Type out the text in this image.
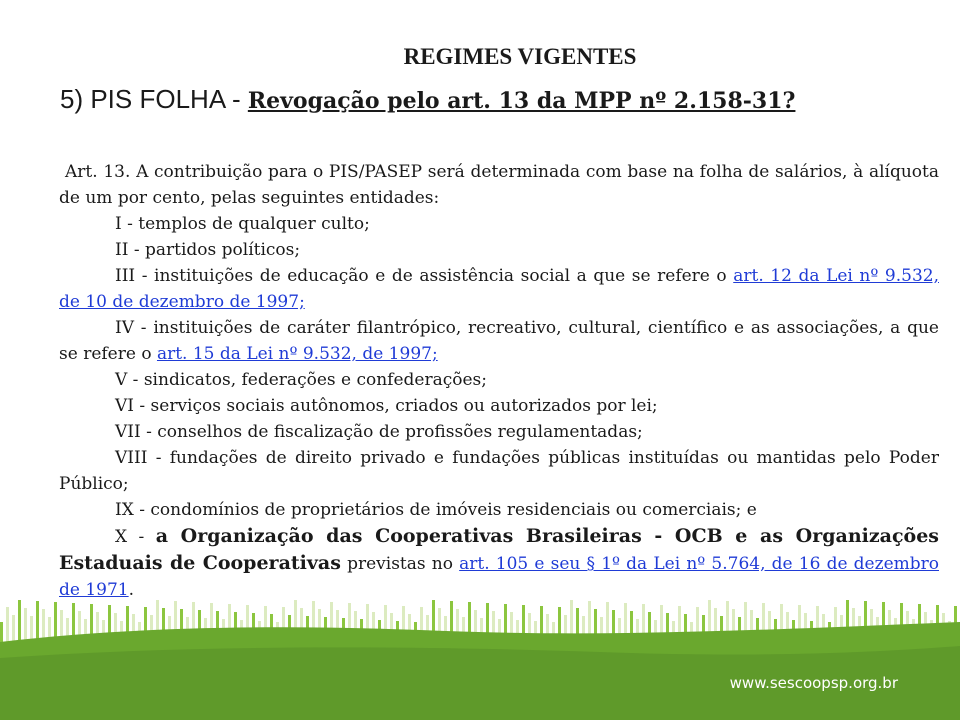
REGIMES VIGENTES
5) PIS FOLHA - Revogação pelo art. 13 da MPP nº 2.158-31?

Art. 13. A contribuição para o PIS/PASEP será determinada com base na folha de salários, à alíquota de um por cento, pelas seguintes entidades:

I - templos de qualquer culto;

II - partidos políticos;

III - instituições de educação e de assistência social a que se refere o art. 12 da Lei nº 9.532, de 10 de dezembro de 1997;

IV - instituições de caráter filantrópico, recreativo, cultural, científico e as associações, a que se refere o art. 15 da Lei nº 9.532, de 1997;

V - sindicatos, federações e confederações;

VI - serviços sociais autônomos, criados ou autorizados por lei;

VII - conselhos de fiscalização de profissões regulamentadas;

VIII - fundações de direito privado e fundações públicas instituídas ou mantidas pelo Poder Público;

IX - condomínios de proprietários de imóveis residenciais ou comerciais; e

X - a Organização das Cooperativas Brasileiras - OCB e as Organizações Estaduais de Cooperativas previstas no art. 105 e seu § 1º da Lei nº 5.764, de 16 de dezembro de 1971.

www.sescoopsp.org.br
